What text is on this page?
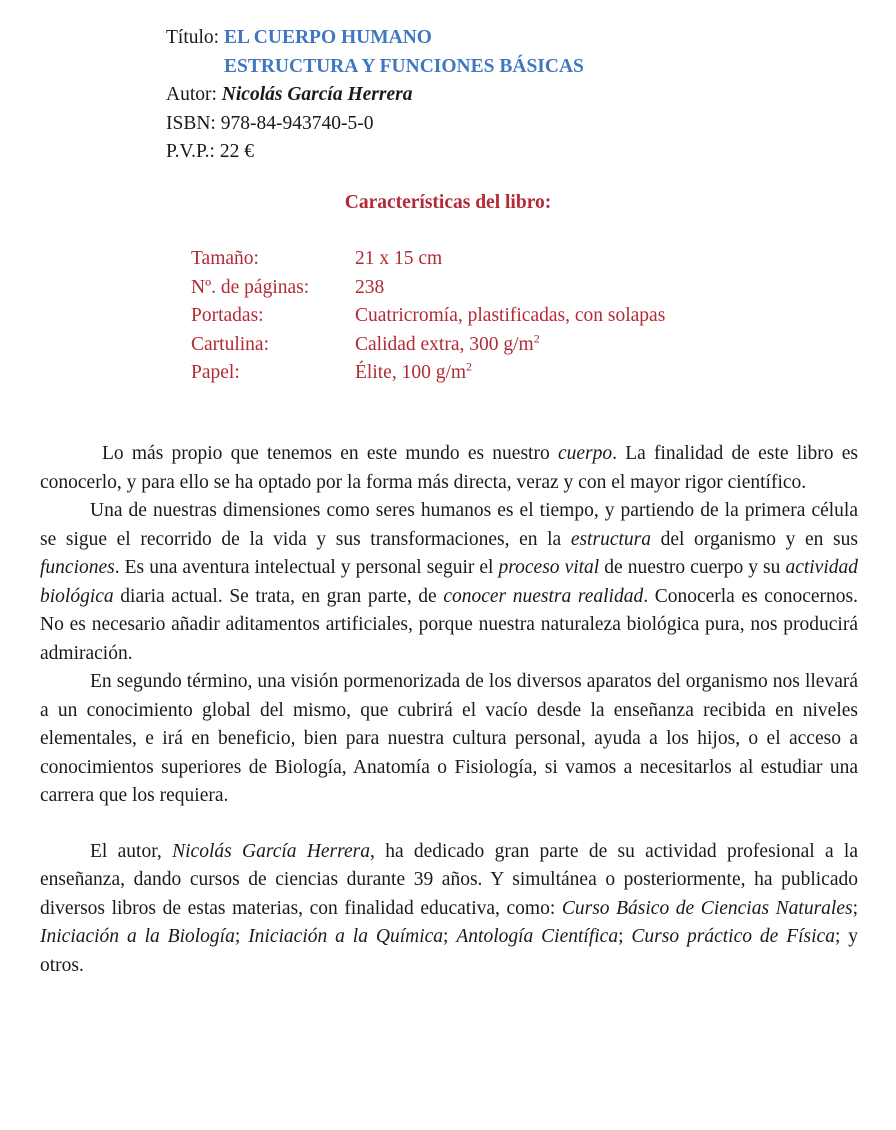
Título: EL CUERPO HUMANO
ESTRUCTURA Y FUNCIONES BÁSICAS
Autor: Nicolás García Herrera
ISBN: 978-84-943740-5-0
P.V.P.: 22 €
Características del libro:
Tamaño:	21 x 15 cm
Nº. de páginas:	238
Portadas:	Cuatricromía, plastificadas, con solapas
Cartulina:	Calidad extra, 300 $g/m^2$
Papel:	Élite, 100 $g/m^2$

Lo más propio que tenemos en este mundo es nuestro cuerpo. La finalidad de este libro es conocerlo, y para ello se ha optado por la forma más directa, veraz y con el mayor rigor científico.

Una de nuestras dimensiones como seres humanos es el tiempo, y partiendo de la primera célula se sigue el recorrido de la vida y sus transformaciones, en la estructura del organismo y en sus funciones. Es una aventura intelectual y personal seguir el proceso vital de nuestro cuerpo y su actividad biológica diaria actual. Se trata, en gran parte, de conocer nuestra realidad. Conocerla es conocernos. No es necesario añadir aditamentos artificiales, porque nuestra naturaleza biológica pura, nos producirá admiración.

En segundo término, una visión pormenorizada de los diversos aparatos del organismo nos llevará a un conocimiento global del mismo, que cubrirá el vacío desde la enseñanza recibida en niveles elementales, e irá en beneficio, bien para nuestra cultura personal, ayuda a los hijos, o el acceso a conocimientos superiores de Biología, Anatomía o Fisiología, si vamos a necesitarlos al estudiar una carrera que los requiera.

El autor, Nicolás García Herrera, ha dedicado gran parte de su actividad profesional a la enseñanza, dando cursos de ciencias durante 39 años. Y simultánea o posteriormente, ha publicado diversos libros de estas materias, con finalidad educativa, como: Curso Básico de Ciencias Naturales; Iniciación a la Biología; Iniciación a la Química; Antología Científica; Curso práctico de Física; y otros.
